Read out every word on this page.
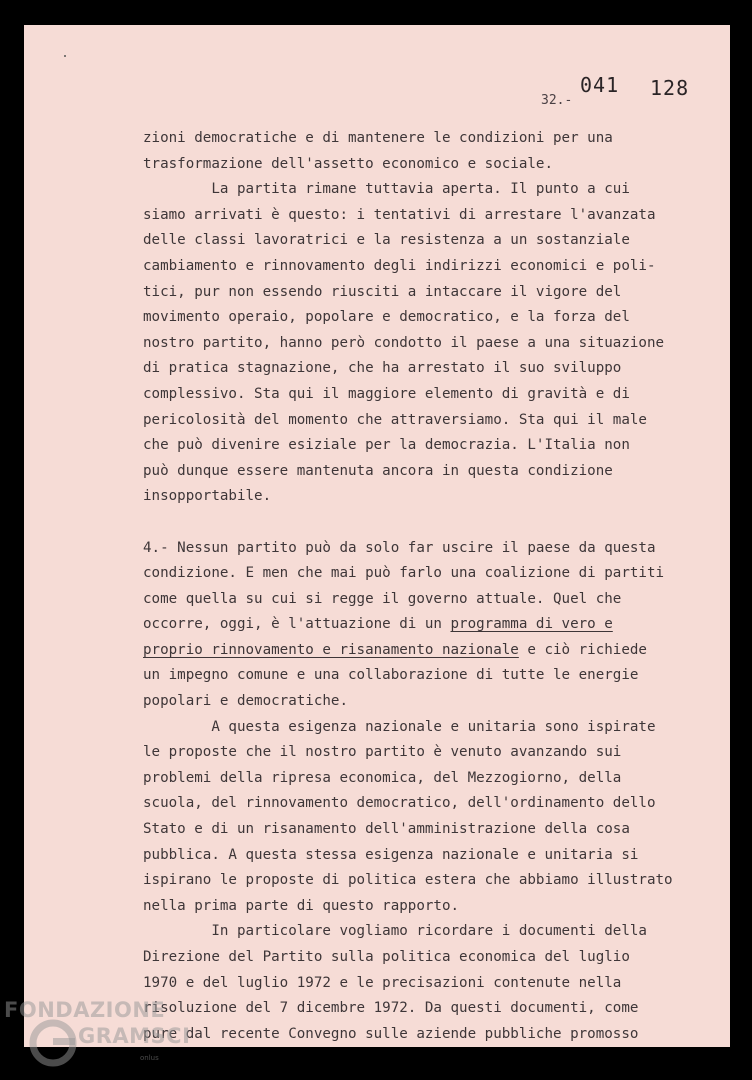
041 128
32.-
zioni democratiche e di mantenere le condizioni per una
trasformazione dell'assetto economico e sociale.
La partita rimane tuttavia aperta. Il punto a cui
siamo arrivati è questo: i tentativi di arrestare l'avanzata
delle classi lavoratrici e la resistenza a un sostanziale
cambiamento e rinnovamento degli indirizzi economici e poli-
tici, pur non essendo riusciti a intaccare il vigore del
movimento operaio, popolare e democratico, e la forza del
nostro partito, hanno però condotto il paese a una situazione
di pratica stagnazione, che ha arrestato il suo sviluppo
complessivo. Sta qui il maggiore elemento di gravità e di
pericolosità del momento che attraversiamo. Sta qui il male
che può divenire esiziale per la democrazia. L'Italia non
può dunque essere mantenuta ancora in questa condizione
insopportabile.
4.- Nessun partito può da solo far uscire il paese da questa
condizione. E men che mai può farlo una coalizione di partiti
come quella su cui si regge il governo attuale. Quel che
occorre, oggi, è l'attuazione di un programma di vero e
proprio rinnovamento e risanamento nazionale e ciò richiede
un impegno comune e una collaborazione di tutte le energie
popolari e democratiche.
A questa esigenza nazionale e unitaria sono ispirate
le proposte che il nostro partito è venuto avanzando sui
problemi della ripresa economica, del Mezzogiorno, della
scuola, del rinnovamento democratico, dell'ordinamento dello
Stato e di un risanamento dell'amministrazione della cosa
pubblica. A questa stessa esigenza nazionale e unitaria si
ispirano le proposte di politica estera che abbiamo illustrato
nella prima parte di questo rapporto.
In particolare vogliamo ricordare i documenti della
Direzione del Partito sulla politica economica del luglio
1970 e del luglio 1972 e le precisazioni contenute nella
risoluzione del 7 dicembre 1972. Da questi documenti, come
pure dal recente Convegno sulle aziende pubbliche promosso
FONDAZIONE
GRAMSCI
onlus
